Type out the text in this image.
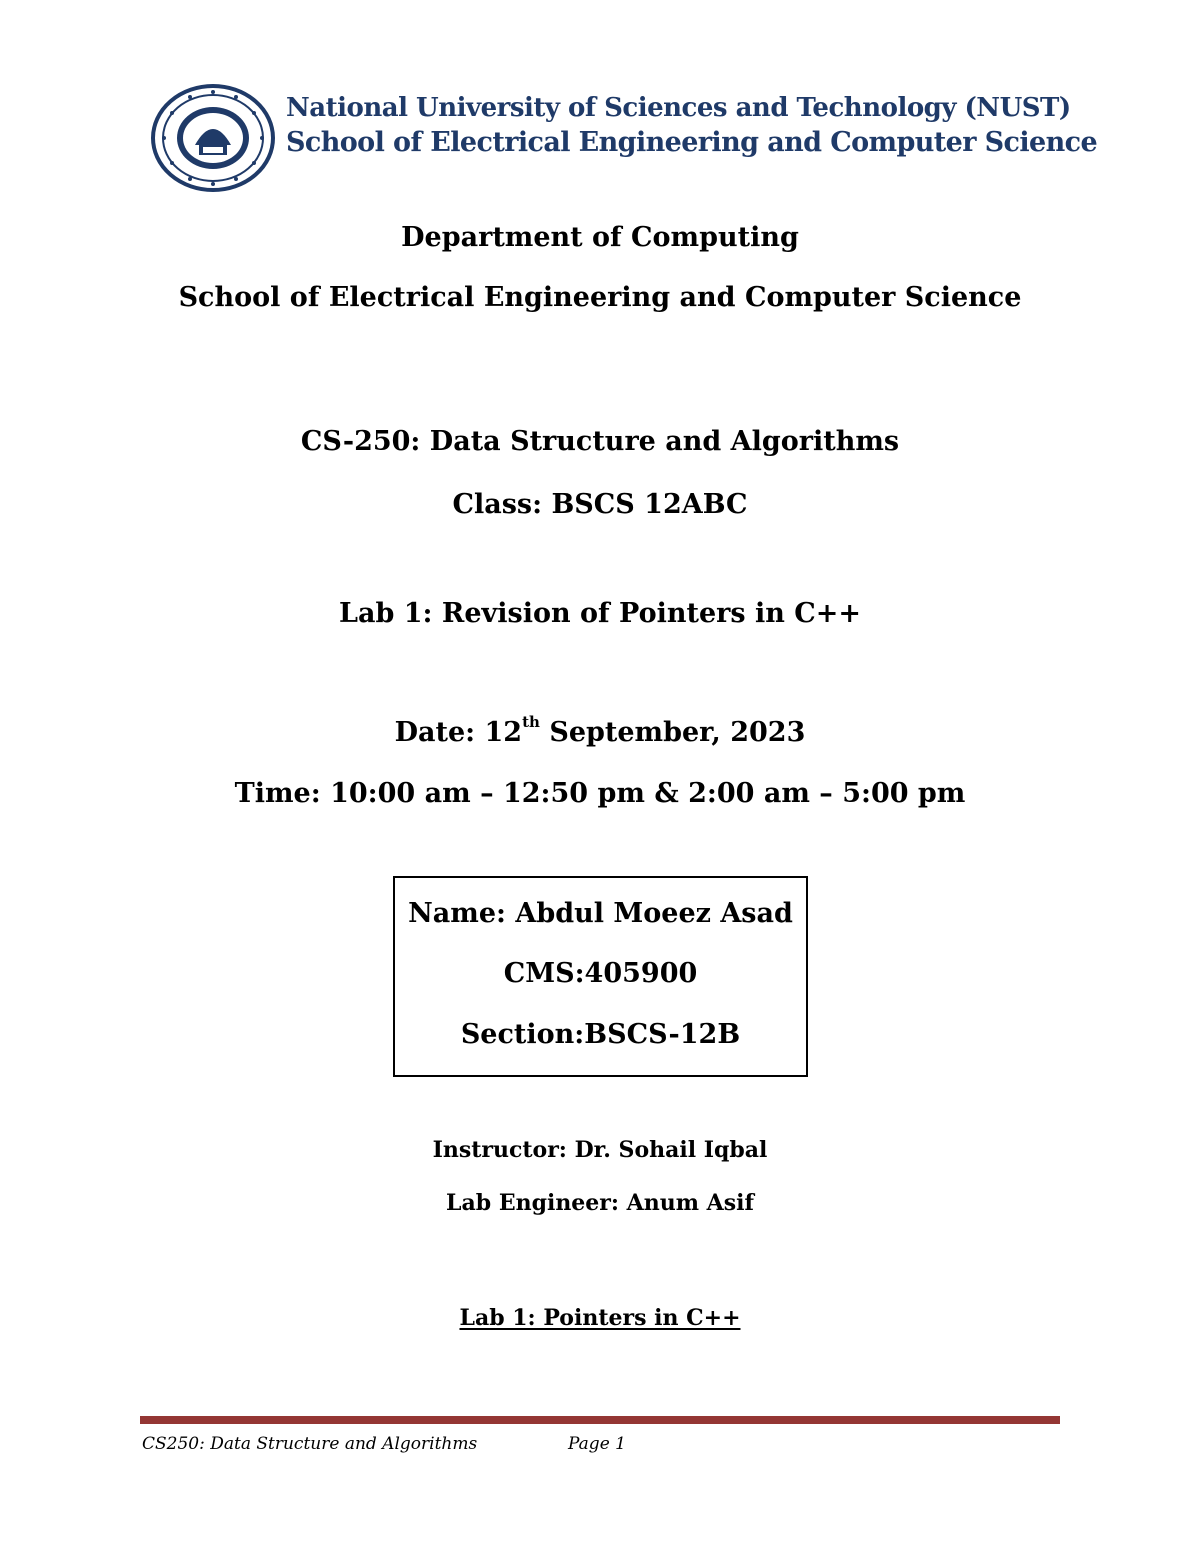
National University of Sciences and Technology (NUST)
School of Electrical Engineering and Computer Science
Department of Computing
School of Electrical Engineering and Computer Science
CS-250: Data Structure and Algorithms
Class: BSCS 12ABC
Lab 1: Revision of Pointers in C++
Date: 12th September, 2023
Time: 10:00 am – 12:50 pm & 2:00 am – 5:00 pm
Name: Abdul Moeez Asad
CMS:405900
Section:BSCS-12B
Instructor: Dr. Sohail Iqbal
Lab Engineer: Anum Asif
Lab 1: Pointers in C++
CS250: Data Structure and Algorithms	Page 1
